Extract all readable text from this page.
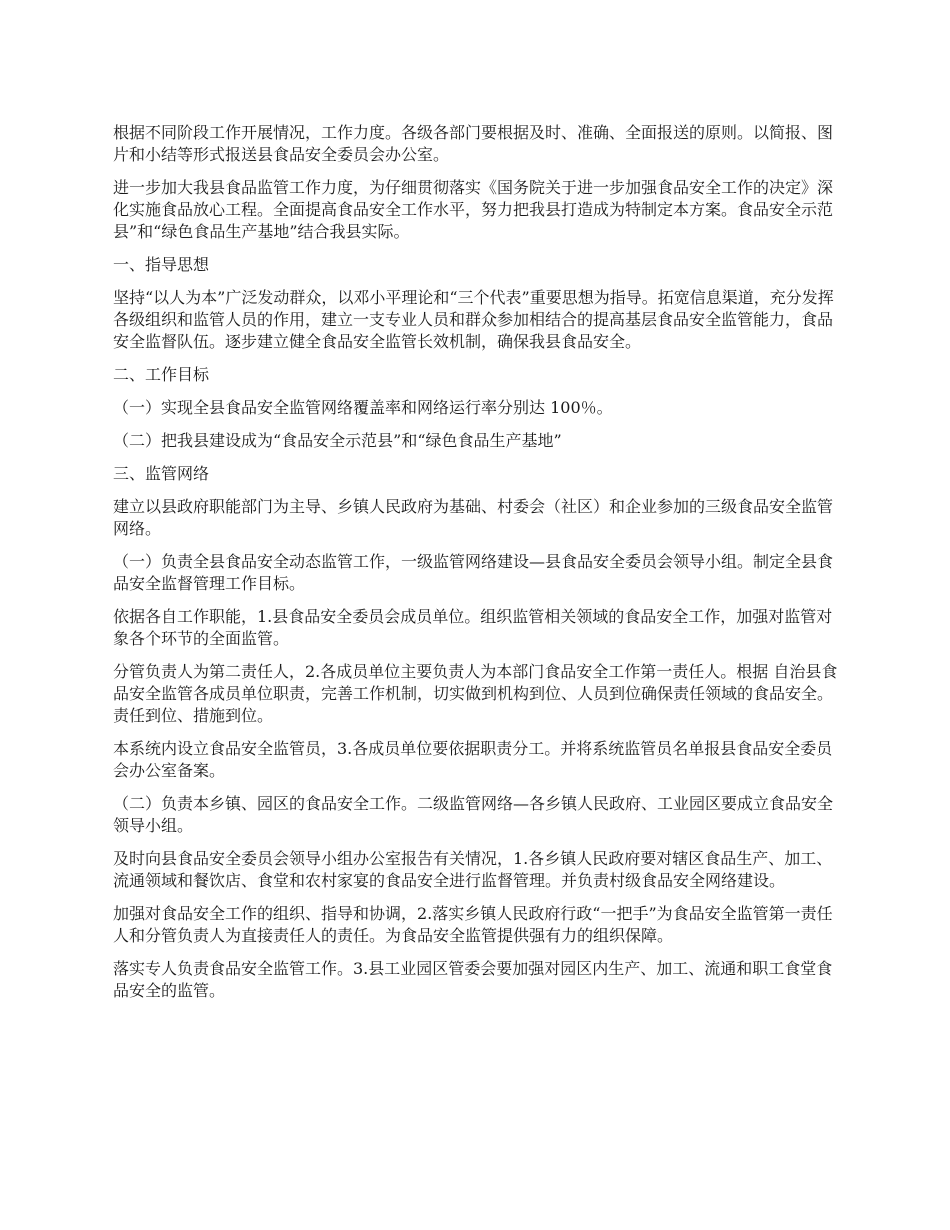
根据不同阶段工作开展情况，工作力度。各级各部门要根据及时、准确、全面报送的原则。以简报、图片和小结等形式报送县食品安全委员会办公室。

进一步加大我县食品监管工作力度，为仔细贯彻落实《国务院关于进一步加强食品安全工作的决定》深化实施食品放心工程。全面提高食品安全工作水平，努力把我县打造成为特制定本方案。食品安全示范县”和“绿色食品生产基地”结合我县实际。

一、指导思想

坚持“以人为本”广泛发动群众，以邓小平理论和“三个代表”重要思想为指导。拓宽信息渠道，充分发挥各级组织和监管人员的作用，建立一支专业人员和群众参加相结合的提高基层食品安全监管能力，食品安全监督队伍。逐步建立健全食品安全监管长效机制，确保我县食品安全。

二、工作目标

（一）实现全县食品安全监管网络覆盖率和网络运行率分别达 100％。

（二）把我县建设成为“食品安全示范县”和“绿色食品生产基地”

三、监管网络

建立以县政府职能部门为主导、乡镇人民政府为基础、村委会（社区）和企业参加的三级食品安全监管网络。

（一）负责全县食品安全动态监管工作，一级监管网络建设—县食品安全委员会领导小组。制定全县食品安全监督管理工作目标。

依据各自工作职能，1.县食品安全委员会成员单位。组织监管相关领域的食品安全工作，加强对监管对象各个环节的全面监管。

分管负责人为第二责任人，2.各成员单位主要负责人为本部门食品安全工作第一责任人。根据 自治县食品安全监管各成员单位职责，完善工作机制，切实做到机构到位、人员到位确保责任领域的食品安全。责任到位、措施到位。

本系统内设立食品安全监管员，3.各成员单位要依据职责分工。并将系统监管员名单报县食品安全委员会办公室备案。

（二）负责本乡镇、园区的食品安全工作。二级监管网络—各乡镇人民政府、工业园区要成立食品安全领导小组。

及时向县食品安全委员会领导小组办公室报告有关情况，1.各乡镇人民政府要对辖区食品生产、加工、流通领域和餐饮店、食堂和农村家宴的食品安全进行监督管理。并负责村级食品安全网络建设。

加强对食品安全工作的组织、指导和协调，2.落实乡镇人民政府行政“一把手”为食品安全监管第一责任人和分管负责人为直接责任人的责任。为食品安全监管提供强有力的组织保障。

落实专人负责食品安全监管工作。3.县工业园区管委会要加强对园区内生产、加工、流通和职工食堂食品安全的监管。
